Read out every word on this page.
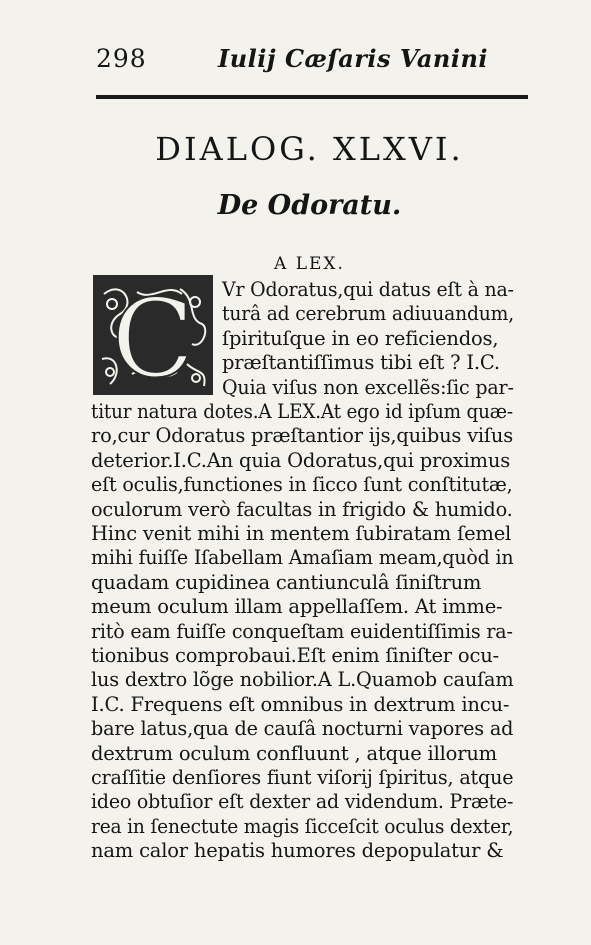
298	Iulij Cæſaris Vanini
DIALOG. XLXVI.
De Odoratu.
A LEX.
C Vr Odoratus,qui datus eſt à na-
turâ ad cerebrum adiuuandum,
ſpirituſque in eo reficiendos,
præſtantiſſimus tibi eſt ? I.C.
Quia viſus non excellẽs:ſic par-
titur natura dotes.A LEX.At ego id ipſum quæ-
ro,cur Odoratus præſtantior ijs,quibus viſus
deterior.I.C.An quia Odoratus,qui proximus
eſt oculis,functiones in ſicco ſunt conſtitutæ,
oculorum verò facultas in frigido & humido.
Hinc venit mihi in mentem ſubiratam ſemel
mihi fuiſſe Iſabellam Amaſiam meam,quòd in
quadam cupidinea cantiunculâ ſiniſtrum
meum oculum illam appellaſſem. At imme-
ritò eam fuiſſe conqueſtam euidentiſſimis ra-
tionibus comprobaui.Eſt enim ſiniſter ocu-
lus dextro lõge nobilior.A L.Quamob cauſam
I.C. Frequens eſt omnibus in dextrum incu-
bare latus,qua de cauſâ nocturni vapores ad
dextrum oculum confluunt , atque illorum
craſſitie denſiores fiunt viſorij ſpiritus, atque
ideo obtuſior eſt dexter ad videndum. Præte-
rea in ſenectute magis ſicceſcit oculus dexter,
nam calor hepatis humores depopulatur &
